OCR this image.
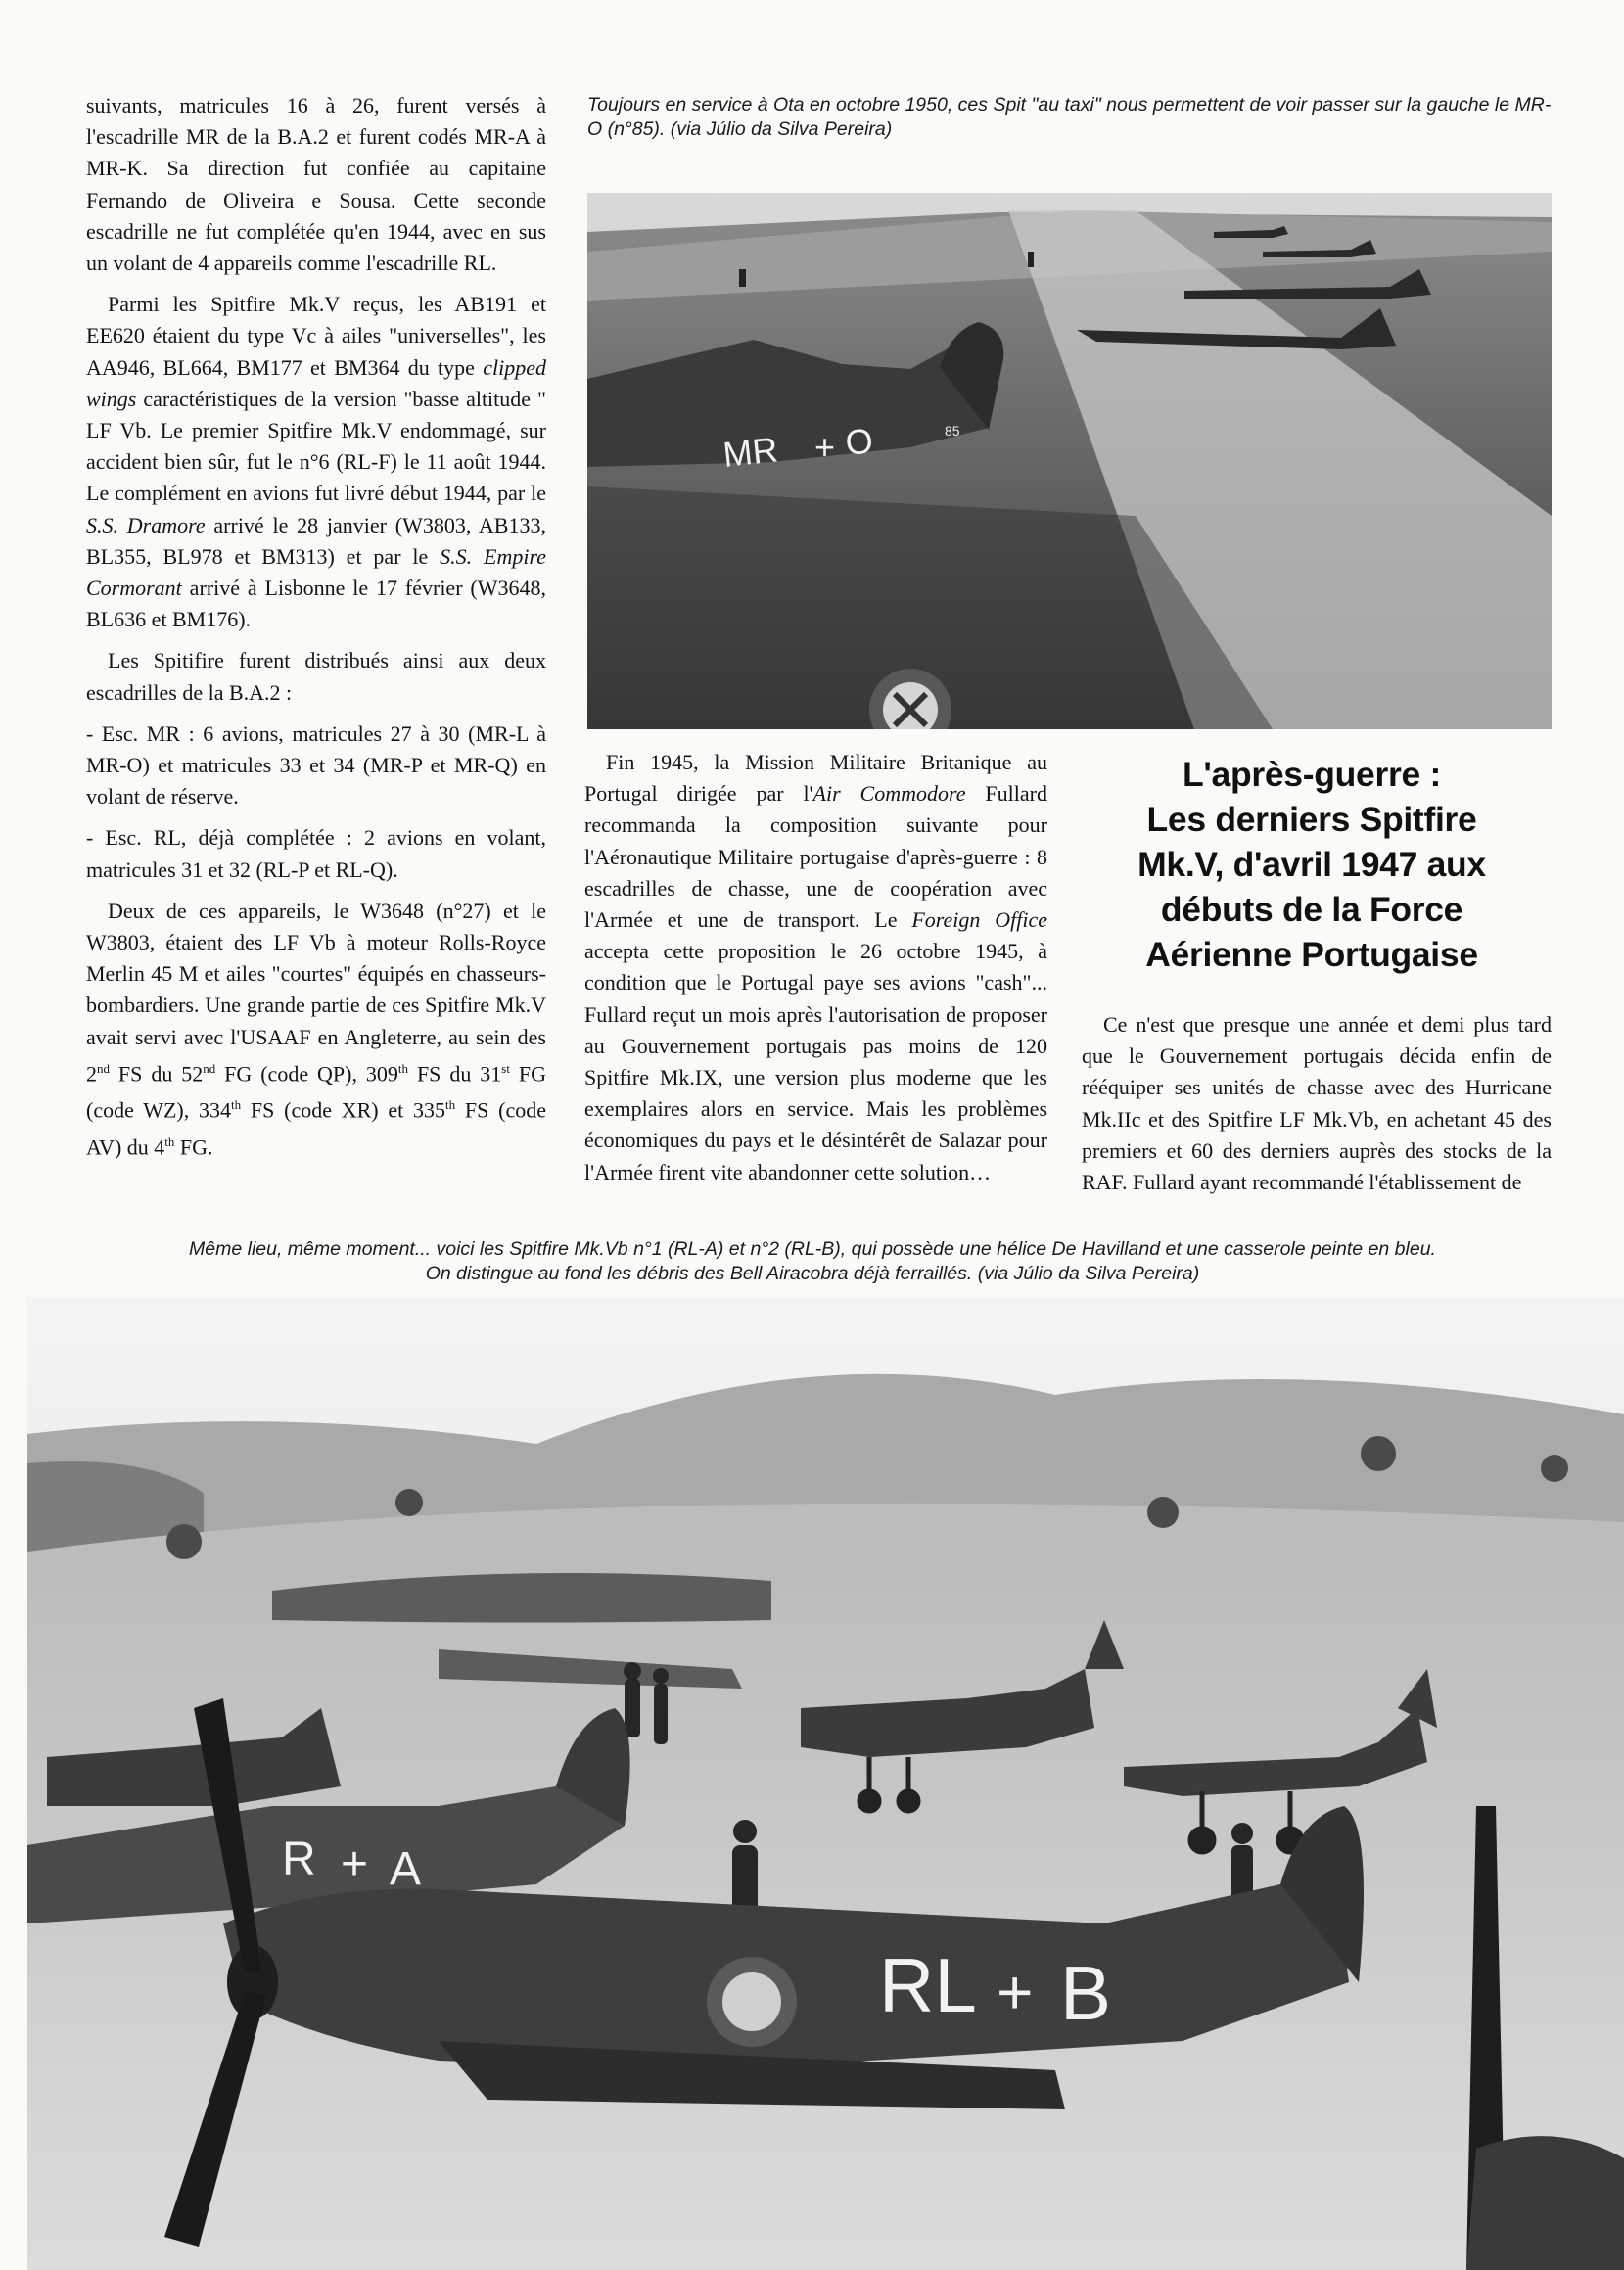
suivants, matricules 16 à 26, furent versés à l'escadrille MR de la B.A.2 et furent codés MR-A à MR-K. Sa direction fut confiée au capitaine Fernando de Oliveira e Sousa. Cette seconde escadrille ne fut complétée qu'en 1944, avec en sus un volant de 4 appareils comme l'escadrille RL.

Parmi les Spitfire Mk.V reçus, les AB191 et EE620 étaient du type Vc à ailes "universelles", les AA946, BL664, BM177 et BM364 du type clipped wings caractéristiques de la version "basse altitude " LF Vb. Le premier Spitfire Mk.V endommagé, sur accident bien sûr, fut le n°6 (RL-F) le 11 août 1944. Le complément en avions fut livré début 1944, par le S.S. Dramore arrivé le 28 janvier (W3803, AB133, BL355, BL978 et BM313) et par le S.S. Empire Cormorant arrivé à Lisbonne le 17 février (W3648, BL636 et BM176).

Les Spitifire furent distribués ainsi aux deux escadrilles de la B.A.2 :

- Esc. MR : 6 avions, matricules 27 à 30 (MR-L à MR-O) et matricules 33 et 34 (MR-P et MR-Q) en volant de réserve.

- Esc. RL, déjà complétée : 2 avions en volant, matricules 31 et 32 (RL-P et RL-Q).

Deux de ces appareils, le W3648 (n°27) et le W3803, étaient des LF Vb à moteur Rolls-Royce Merlin 45 M et ailes "courtes" équipés en chasseurs-bombardiers. Une grande partie de ces Spitfire Mk.V avait servi avec l'USAAF en Angleterre, au sein des 2nd FS du 52nd FG (code QP), 309th FS du 31st FG (code WZ), 334th FS (code XR) et 335th FS (code AV) du 4th FG.

Toujours en service à Ota en octobre 1950, ces Spit "au taxi" nous permettent de voir passer sur la gauche le MR-O (n°85). (via Júlio da Silva Pereira)
MR O
+	85

Fin 1945, la Mission Militaire Britanique au Portugal dirigée par l'Air Commodore Fullard recommanda la composition suivante pour l'Aéronautique Militaire portugaise d'après-guerre : 8 escadrilles de chasse, une de coopération avec l'Armée et une de transport. Le Foreign Office accepta cette proposition le 26 octobre 1945, à condition que le Portugal paye ses avions "cash"... Fullard reçut un mois après l'autorisation de proposer au Gouvernement portugais pas moins de 120 Spitfire Mk.IX, une version plus moderne que les exemplaires alors en service. Mais les problèmes économiques du pays et le désintérêt de Salazar pour l'Armée firent vite abandonner cette solution…

L'après-guerre :
Les derniers Spitfire
Mk.V, d'avril 1947 aux
débuts de la Force
Aérienne Portugaise

Ce n'est que presque une année et demi plus tard que le Gouvernement portugais décida enfin de rééquiper ses unités de chasse avec des Hurricane Mk.IIc et des Spitfire LF Mk.Vb, en achetant 45 des premiers et 60 des derniers auprès des stocks de la RAF. Fullard ayant recommandé l'établissement de

Même lieu, même moment... voici les Spitfire Mk.Vb n°1 (RL-A) et n°2 (RL-B), qui possède une hélice De Havilland et une casserole peinte en bleu.
On distingue au fond les débris des Bell Airacobra déjà ferraillés. (via Júlio da Silva Pereira)
R + A
RL + B
